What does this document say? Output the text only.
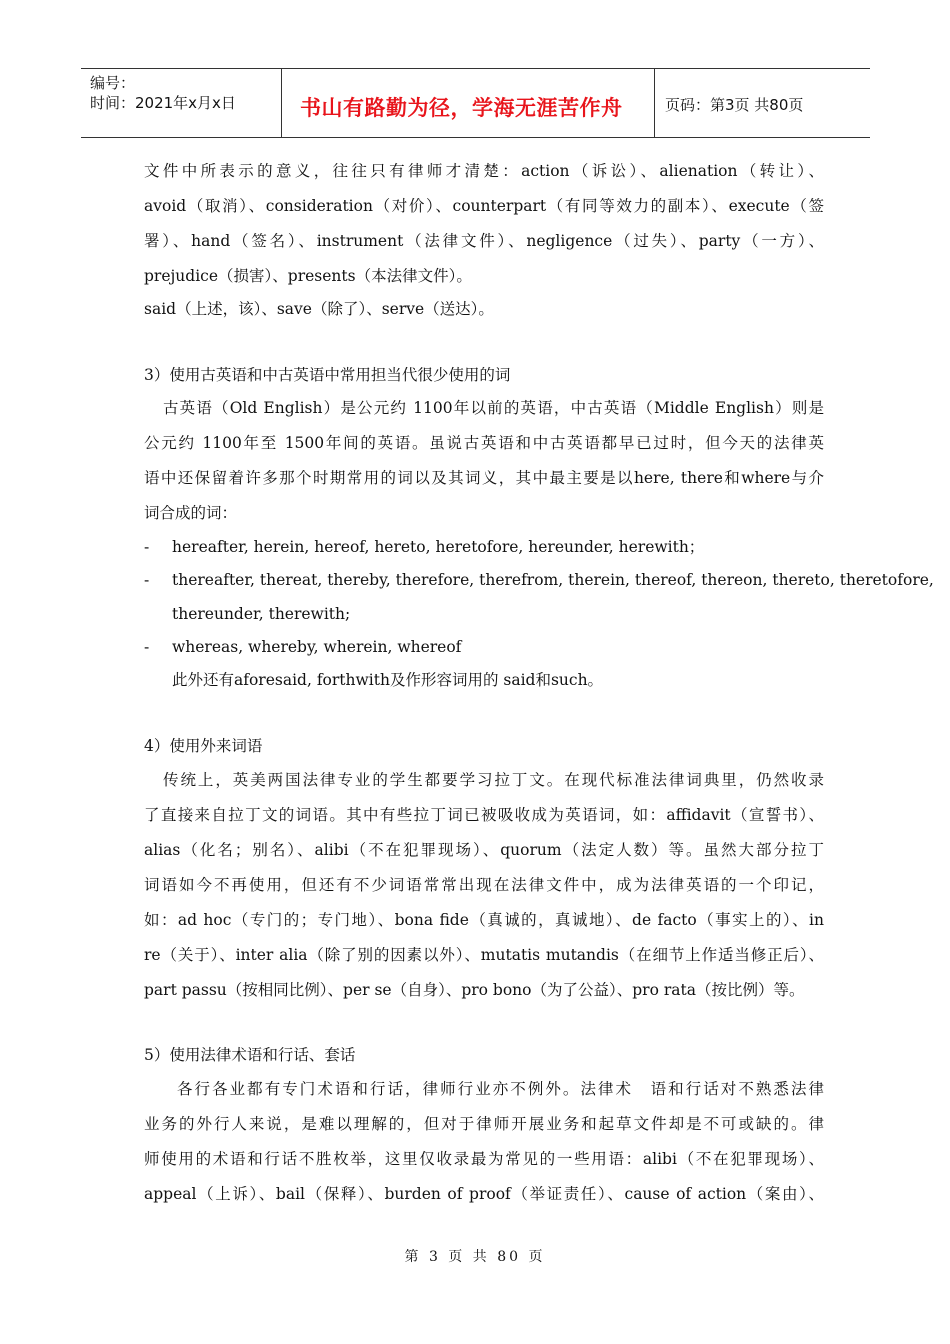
编号：
时间：2021年x月x日	书山有路勤为径，学海无涯苦作舟	页码：第3页 共80页
文件中所表示的意义，往往只有律师才清楚：action（诉讼）、alienation（转让）、
avoid（取消）、consideration（对价）、counterpart（有同等效力的副本）、execute（签
署）、hand（签名）、instrument（法律文件）、negligence（过失）、party（一方）、
prejudice（损害）、presents（本法律文件）。
said（上述，该）、save（除了）、serve（送达）。
3）使用古英语和中古英语中常用担当代很少使用的词
古英语（Old English）是公元约 1100年以前的英语，中古英语（Middle English）则是
公元约 1100年至 1500年间的英语。虽说古英语和中古英语都早已过时，但今天的法律英
语中还保留着许多那个时期常用的词以及其词义，其中最主要是以here, there和where与介
词合成的词：
- hereafter, herein, hereof, hereto, heretofore, hereunder, herewith；
- thereafter, thereat, thereby, therefore, therefrom, therein, thereof, thereon, thereto, theretofore,
thereunder, therewith;
- whereas, whereby, wherein, whereof
此外还有aforesaid, forthwith及作形容词用的 said和such。
4）使用外来词语
传统上，英美两国法律专业的学生都要学习拉丁文。在现代标准法律词典里，仍然收录
了直接来自拉丁文的词语。其中有些拉丁词已被吸收成为英语词，如：affidavit（宣誓书）、
alias（化名；别名）、alibi（不在犯罪现场）、quorum（法定人数）等。虽然大部分拉丁
词语如今不再使用，但还有不少词语常常出现在法律文件中，成为法律英语的一个印记，
如：ad hoc（专门的；专门地）、bona fide（真诚的，真诚地）、de facto（事实上的）、in
re（关于）、inter alia（除了别的因素以外）、mutatis mutandis（在细节上作适当修正后）、
part passu（按相同比例）、per se（自身）、pro bono（为了公益）、pro rata（按比例）等。
5）使用法律术语和行话、套话
各行各业都有专门术语和行话，律师行业亦不例外。法律术　语和行话对不熟悉法律
业务的外行人来说，是难以理解的，但对于律师开展业务和起草文件却是不可或缺的。律
师使用的术语和行话不胜枚举，这里仅收录最为常见的一些用语：alibi（不在犯罪现场）、
appeal（上诉）、bail（保释）、burden of proof（举证责任）、cause of action（案由）、
第 3 页 共 80 页
